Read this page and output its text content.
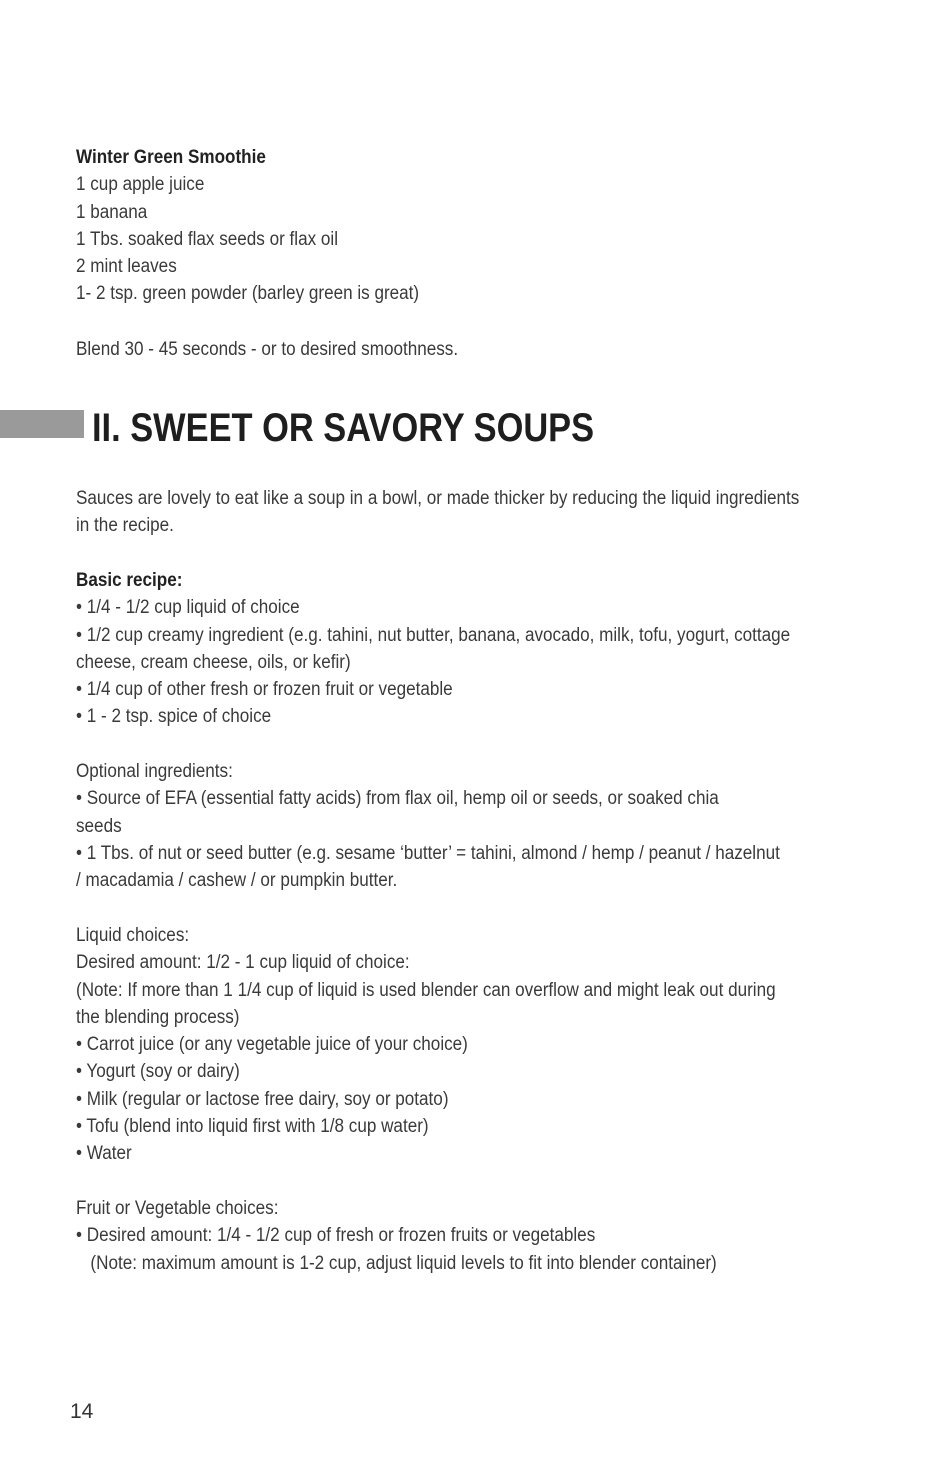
Winter Green Smoothie
1 cup apple juice
1 banana
1 Tbs. soaked flax seeds or flax oil
2 mint leaves
1- 2 tsp. green powder (barley green is great)
Blend 30 - 45 seconds - or to desired smoothness.
II. SWEET OR SAVORY SOUPS
Sauces are lovely to eat like a soup in a bowl, or made thicker by reducing the liquid ingredients
in the recipe.
Basic recipe:
• 1/4 - 1/2 cup liquid of choice
• 1/2 cup creamy ingredient (e.g. tahini, nut butter, banana, avocado, milk, tofu, yogurt, cottage
cheese, cream cheese, oils, or kefir)
• 1/4 cup of other fresh or frozen fruit or vegetable
• 1 - 2 tsp. spice of choice
Optional ingredients:
• Source of EFA (essential fatty acids) from flax oil, hemp oil or seeds, or soaked chia
seeds
• 1 Tbs. of nut or seed butter (e.g. sesame ‘butter’ = tahini, almond / hemp / peanut / hazelnut
/ macadamia / cashew / or pumpkin butter.
Liquid choices:
Desired amount: 1/2 - 1 cup liquid of choice:
(Note: If more than 1 1/4 cup of liquid is used blender can overflow and might leak out during
the blending process)
• Carrot juice (or any vegetable juice of your choice)
• Yogurt (soy or dairy)
• Milk (regular or lactose free dairy, soy or potato)
• Tofu (blend into liquid first with 1/8 cup water)
• Water
Fruit or Vegetable choices:
• Desired amount: 1/4 - 1/2 cup of fresh or frozen fruits or vegetables
(Note: maximum amount is 1-2 cup, adjust liquid levels to fit into blender container)
14
